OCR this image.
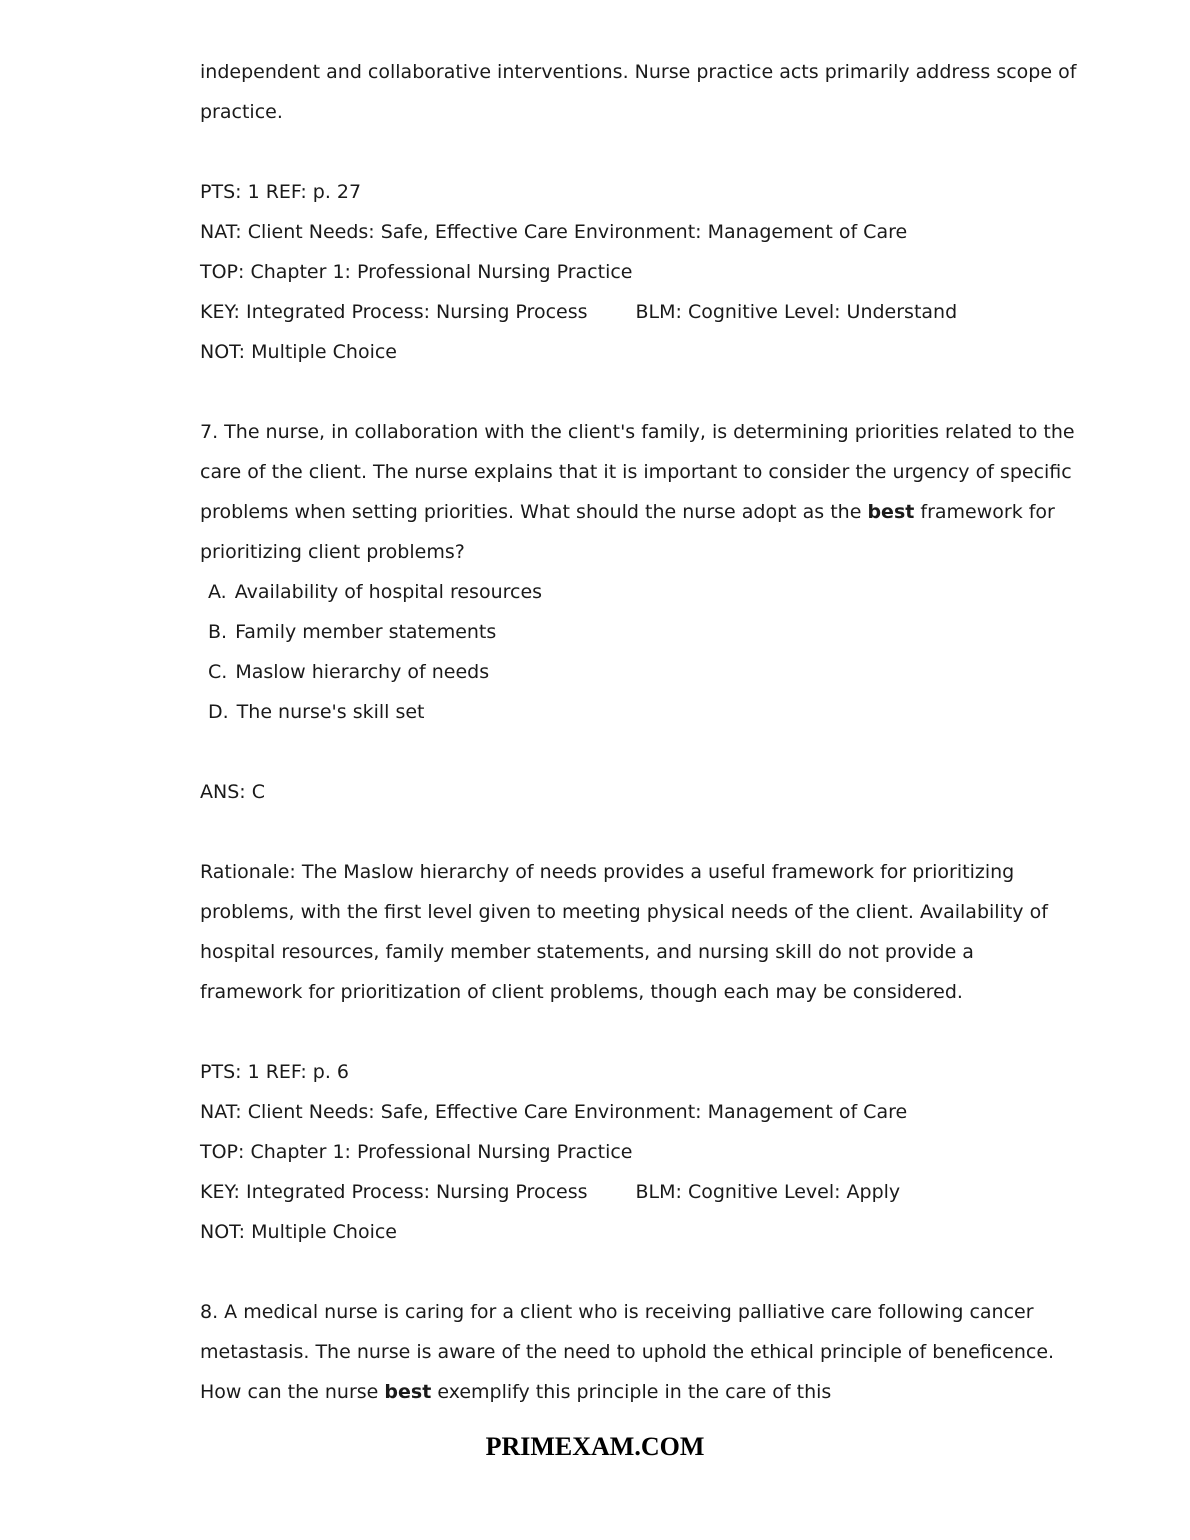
independent and collaborative interventions. Nurse practice acts primarily address scope of practice.

PTS: 1 REF: p. 27
NAT: Client Needs: Safe, Effective Care Environment: Management of Care
TOP: Chapter 1: Professional Nursing Practice
KEY: Integrated Process: Nursing Process	BLM: Cognitive Level: Understand
NOT: Multiple Choice

7. The nurse, in collaboration with the client's family, is determining priorities related to the care of the client. The nurse explains that it is important to consider the urgency of specific problems when setting priorities. What should the nurse adopt as the best framework for prioritizing client problems?

A. Availability of hospital resources
B. Family member statements
C. Maslow hierarchy of needs
D. The nurse's skill set

ANS: C

Rationale: The Maslow hierarchy of needs provides a useful framework for prioritizing problems, with the first level given to meeting physical needs of the client. Availability of hospital resources, family member statements, and nursing skill do not provide a framework for prioritization of client problems, though each may be considered.

PTS: 1 REF: p. 6
NAT: Client Needs: Safe, Effective Care Environment: Management of Care
TOP: Chapter 1: Professional Nursing Practice
KEY: Integrated Process: Nursing Process	BLM: Cognitive Level: Apply
NOT: Multiple Choice

8. A medical nurse is caring for a client who is receiving palliative care following cancer metastasis. The nurse is aware of the need to uphold the ethical principle of beneficence. How can the nurse best exemplify this principle in the care of this

PRIMEXAM.COM
